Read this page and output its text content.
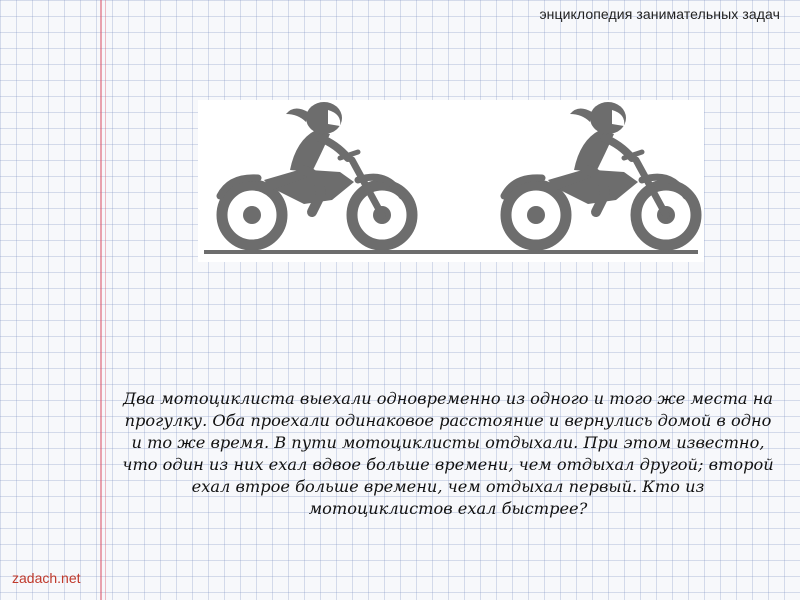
энциклопедия занимательных задач

Два мотоциклиста выехали одновременно из одного и того же места на прогулку. Оба проехали одинаковое расстояние и вернулись домой в одно и то же время. В пути мотоциклисты отдыхали. При этом известно, что один из них ехал вдвое больше времени, чем отдыхал другой; второй ехал втрое больше времени, чем отдыхал первый. Кто из мотоциклистов ехал быстрее?

zadach.net
